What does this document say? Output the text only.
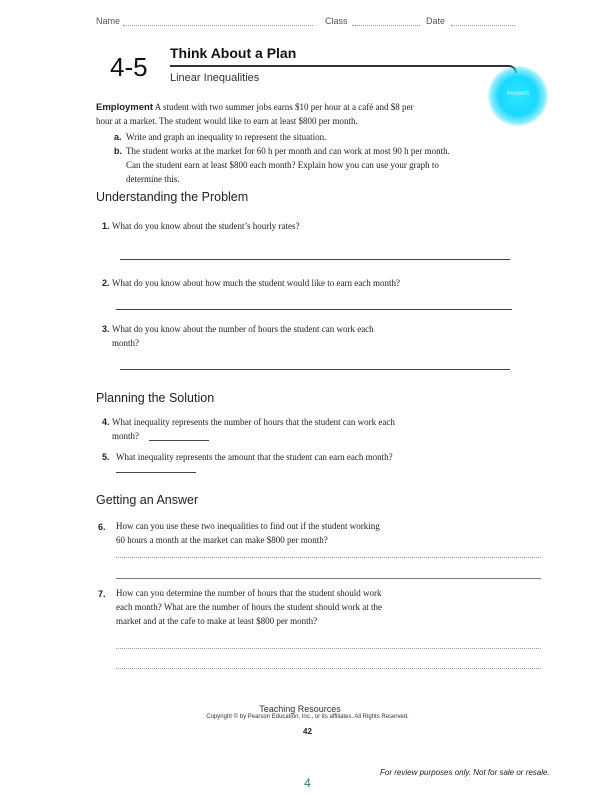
Name	Class	Date
4-5 Think About a Plan
Linear Inequalities
Answers
Employment A student with two summer jobs earns $10 per hour at a café and $8 per
hour at a market. The student would like to earn at least $800 per month.
a. Write and graph an inequality to represent the situation.
b. The student works at the market for 60 h per month and can work at most 90 h per month.
Can the student earn at least $800 each month? Explain how you can use your graph to
determine this.
Understanding the Problem
1. What do you know about the student’s hourly rates?
2. What do you know about how much the student would like to earn each month?
3. What do you know about the number of hours the student can work each
month?
Planning the Solution
4. What inequality represents the number of hours that the student can work each
month?
5. What inequality represents the amount that the student can earn each month?
Getting an Answer
6. How can you use these two inequalities to find out if the student working
60 hours a month at the market can make $800 per month?
7. How can you determine the number of hours that the student should work
each month? What are the number of hours the student should work at the
market and at the cafe to make at least $800 per month?
Teaching Resources
Copyright © by Pearson Education, Inc., or its affiliates. All Rights Reserved.
42
4
For review purposes only. Not for sale or resale.
